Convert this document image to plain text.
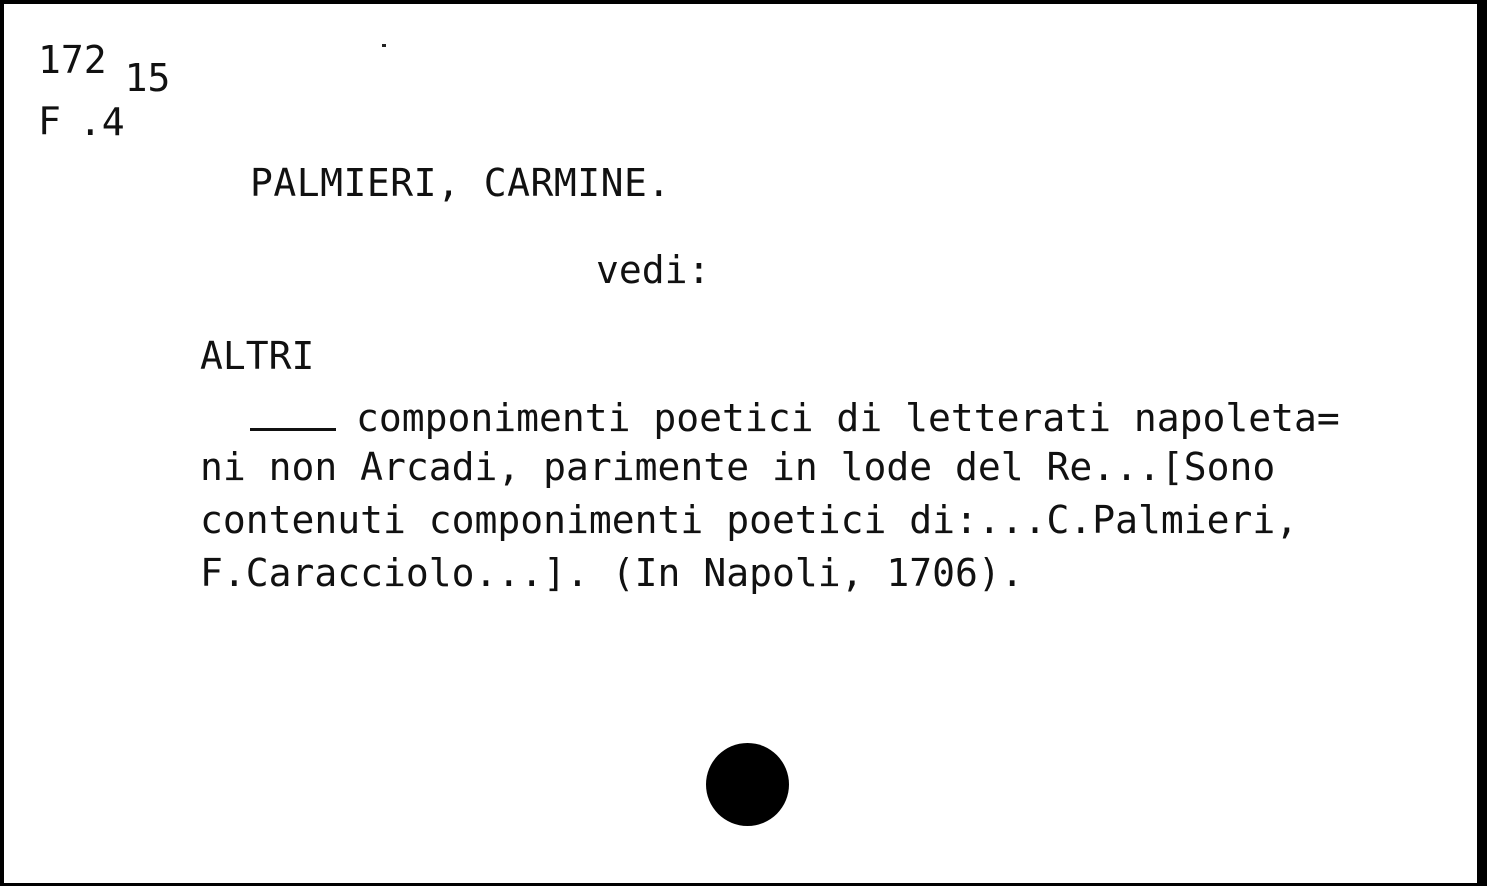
172
F $.4^{15}$
PALMIERI, CARMINE.
vedi:
ALTRI
componimenti poetici di letterati napoleta=
ni non Arcadi, parimente in lode del Re...[Sono
contenuti componimenti poetici di:...C.Palmieri,
F.Caracciolo...]. (In Napoli, 1706).
